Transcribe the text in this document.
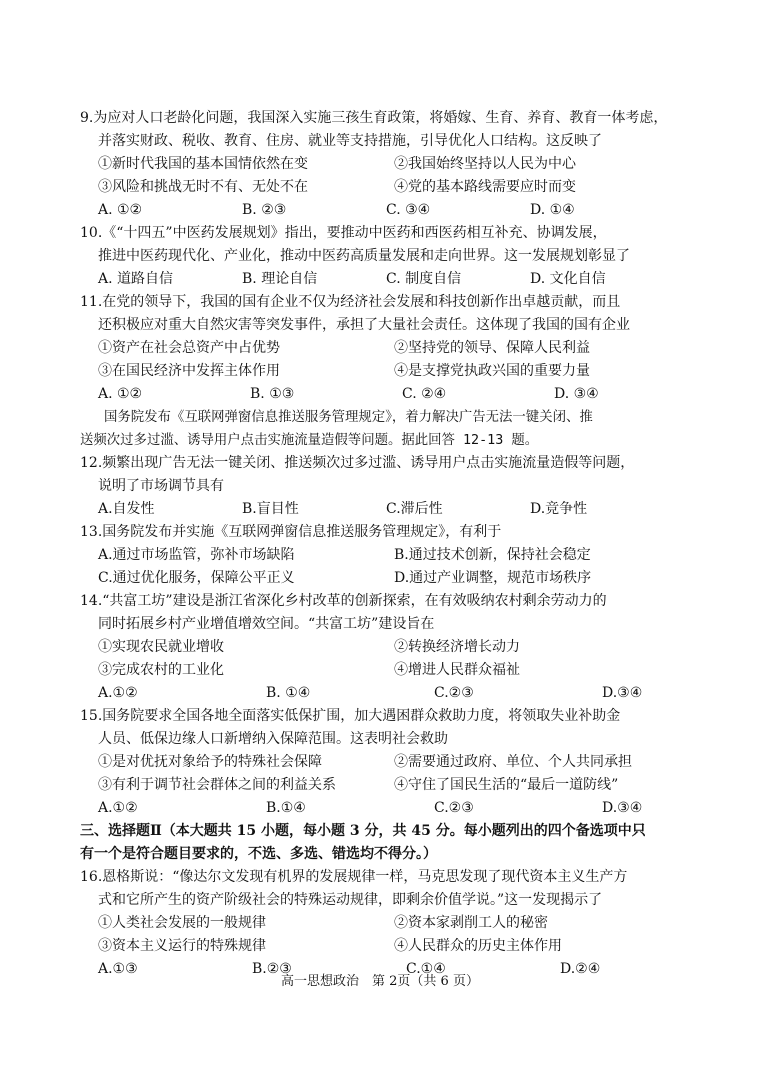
9.为应对人口老龄化问题，我国深入实施三孩生育政策，将婚嫁、生育、养育、教育一体考虑，
并落实财政、税收、教育、住房、就业等支持措施，引导优化人口结构。这反映了
①新时代我国的基本国情依然在变	②我国始终坚持以人民为中心
③风险和挑战无时不有、无处不在	④党的基本路线需要应时而变
A. ①②	B. ②③	C. ③④	D. ①④
10.《“十四五”中医药发展规划》指出，要推动中医药和西医药相互补充、协调发展，
推进中医药现代化、产业化，推动中医药高质量发展和走向世界。这一发展规划彰显了
A. 道路自信	B. 理论自信	C. 制度自信	D. 文化自信
11.在党的领导下，我国的国有企业不仅为经济社会发展和科技创新作出卓越贡献，而且
还积极应对重大自然灾害等突发事件，承担了大量社会责任。这体现了我国的国有企业
①资产在社会总资产中占优势	②坚持党的领导、保障人民利益
③在国民经济中发挥主体作用	④是支撑党执政兴国的重要力量
A. ①②	B. ①③	C. ②④	D. ③④
国务院发布《互联网弹窗信息推送服务管理规定》，着力解决广告无法一键关闭、推
送频次过多过滥、诱导用户点击实施流量造假等问题。据此回答 12-13 题。
12.频繁出现广告无法一键关闭、推送频次过多过滥、诱导用户点击实施流量造假等问题，
说明了市场调节具有
A.自发性	B.盲目性	C.滞后性	D.竞争性
13.国务院发布并实施《互联网弹窗信息推送服务管理规定》，有利于
A.通过市场监管，弥补市场缺陷	B.通过技术创新，保持社会稳定
C.通过优化服务，保障公平正义	D.通过产业调整，规范市场秩序
14.“共富工坊”建设是浙江省深化乡村改革的创新探索，在有效吸纳农村剩余劳动力的
同时拓展乡村产业增值增效空间。“共富工坊”建设旨在
①实现农民就业增收	②转换经济增长动力
③完成农村的工业化	④增进人民群众福祉
A.①②	B. ①④	C.②③	D.③④
15.国务院要求全国各地全面落实低保扩围，加大遇困群众救助力度，将领取失业补助金
人员、低保边缘人口新增纳入保障范围。这表明社会救助
①是对优抚对象给予的特殊社会保障	②需要通过政府、单位、个人共同承担
③有利于调节社会群体之间的利益关系	④守住了国民生活的“最后一道防线”
A.①②	B.①④	C.②③	D.③④
三、选择题Ⅱ（本大题共 15 小题，每小题 3 分，共 45 分。每小题列出的四个备选项中只
有一个是符合题目要求的，不选、多选、错选均不得分。）
16.恩格斯说：“像达尔文发现有机界的发展规律一样，马克思发现了现代资本主义生产方
式和它所产生的资产阶级社会的特殊运动规律，即剩余价值学说。”这一发现揭示了
①人类社会发展的一般规律	②资本家剥削工人的秘密
③资本主义运行的特殊规律	④人民群众的历史主体作用
A.①③	B.②③	C.①④	D.②④
高一思想政治　第 2页（共 6 页）
